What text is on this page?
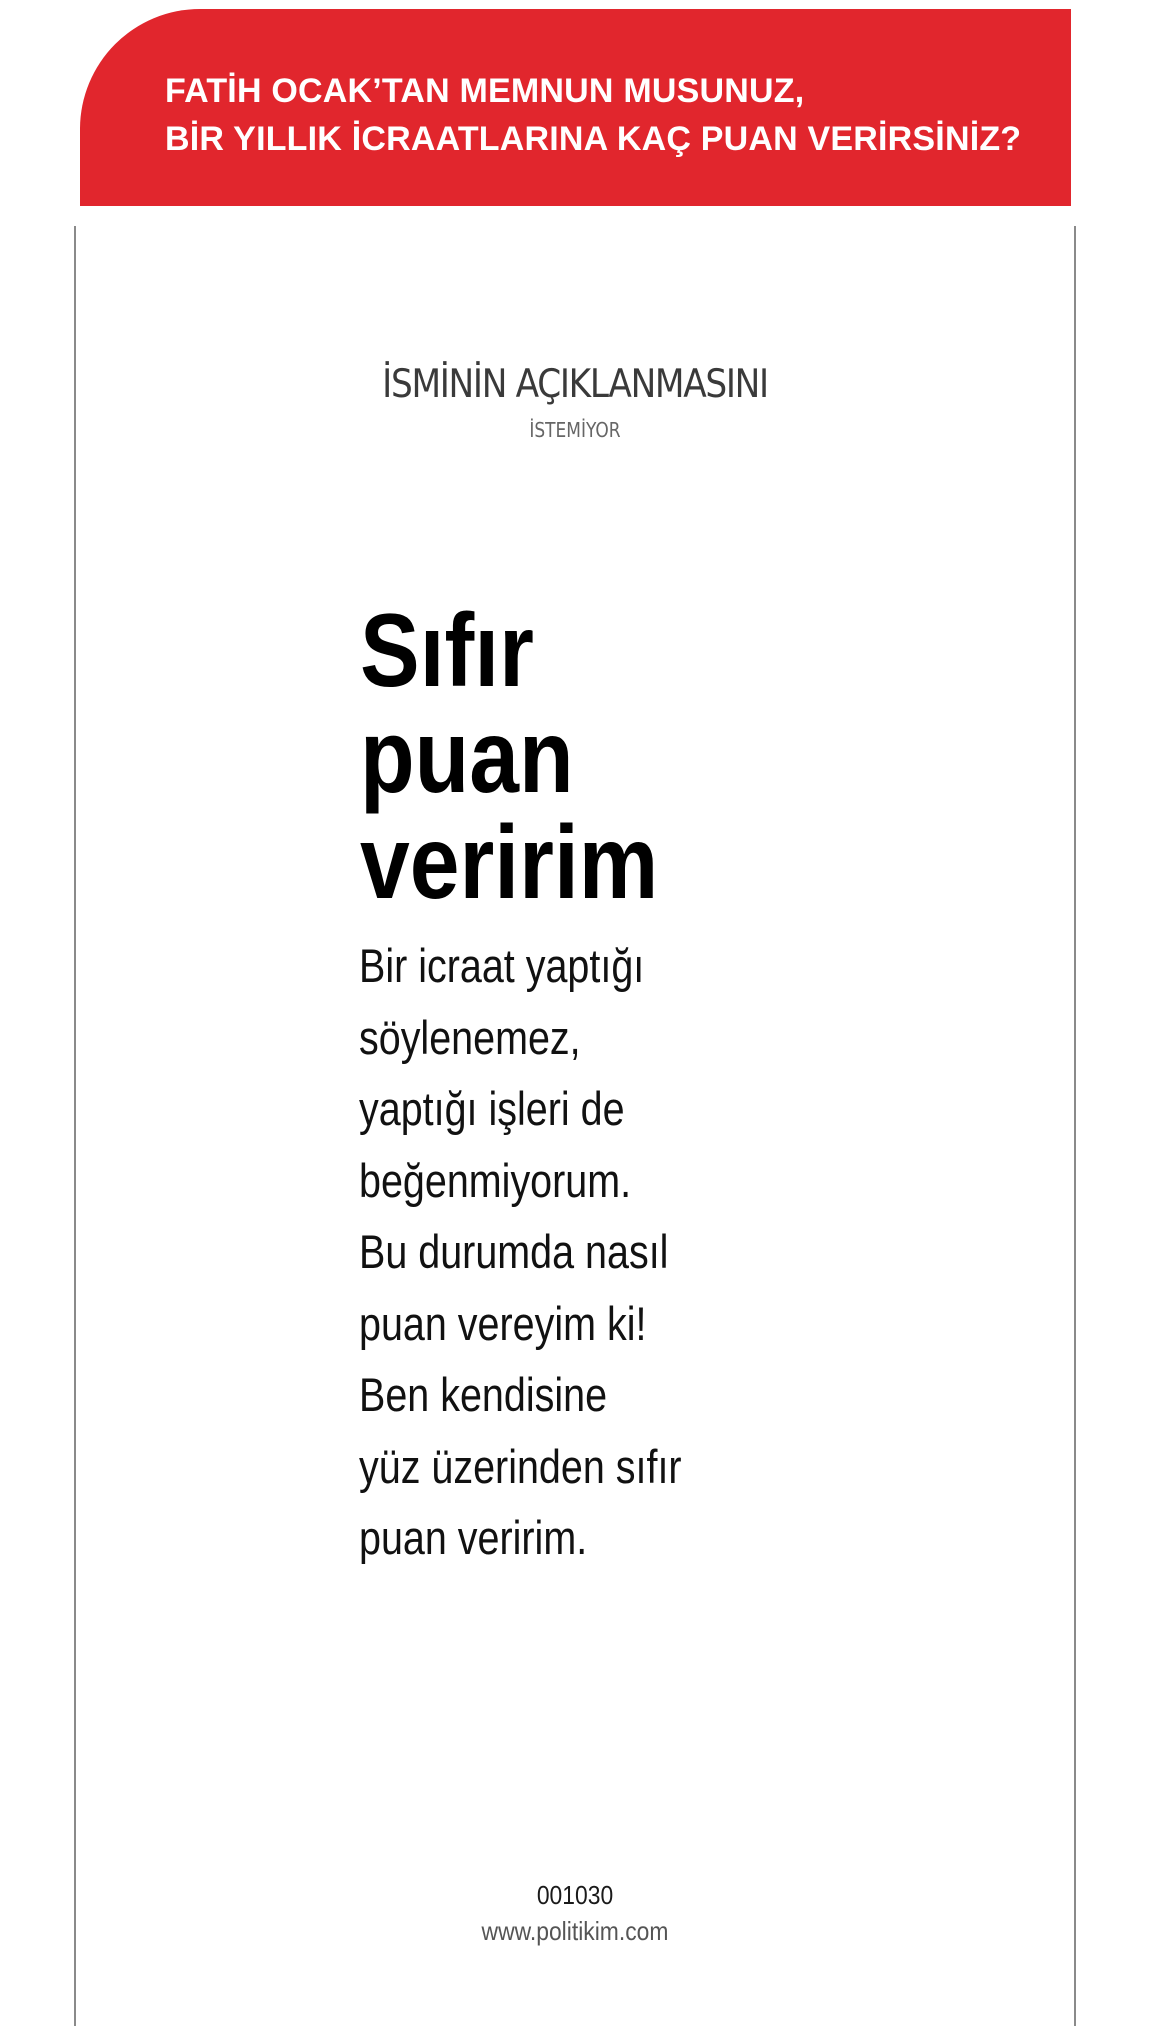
FATİH OCAK’TAN MEMNUN MUSUNUZ,
BİR YILLIK İCRAATLARINA KAÇ PUAN VERİRSİNİZ?
İSMİNİN AÇIKLANMASINI
İSTEMİYOR
Sıfır
puan
veririm
Bir icraat yaptığı
söylenemez,
yaptığı işleri de
beğenmiyorum.
Bu durumda nasıl
puan vereyim ki!
Ben kendisine
yüz üzerinden sıfır
puan veririm.
001030
www.politikim.com
